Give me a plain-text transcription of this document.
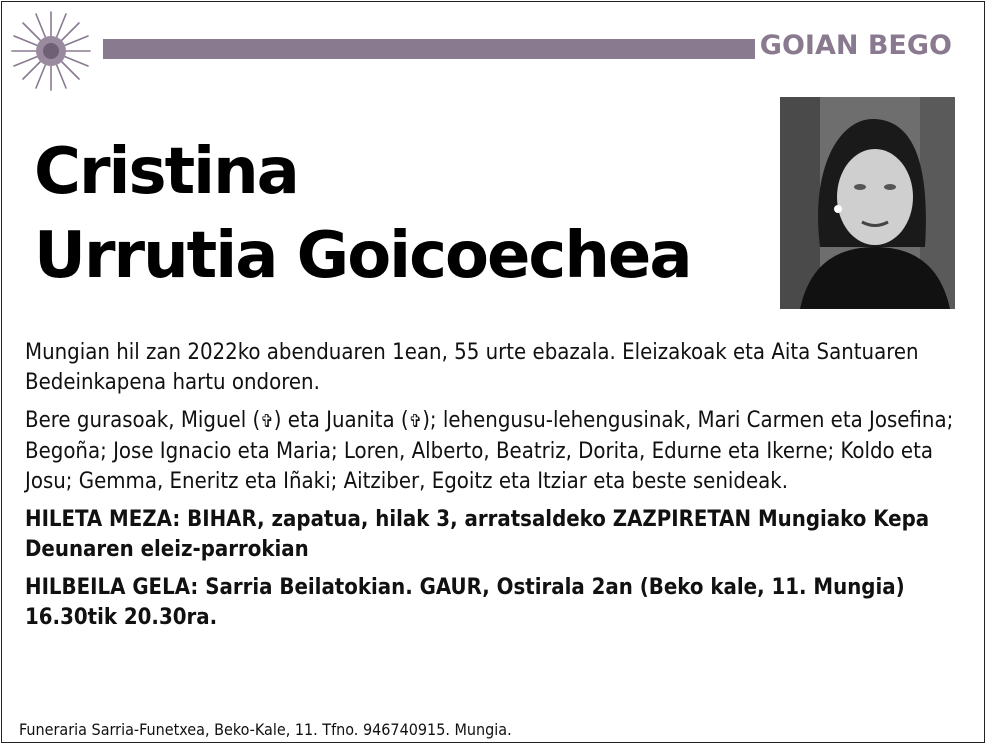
GOIAN BEGO
Cristina
Urrutia Goicoechea

Mungian hil zan 2022ko abenduaren 1ean, 55 urte ebazala. Eleizakoak eta Aita Santuaren Bedeinkapena hartu ondoren.

Bere gurasoak, Miguel (✞) eta Juanita (✞); lehengusu-lehengusinak, Mari Carmen eta Josefina; Begoña; Jose Ignacio eta Maria; Loren, Alberto, Beatriz, Dorita, Edurne eta Ikerne; Koldo eta Josu; Gemma, Eneritz eta Iñaki; Aitziber, Egoitz eta Itziar eta beste senideak.

HILETA MEZA: BIHAR, zapatua, hilak 3, arratsaldeko ZAZPIRETAN Mungiako Kepa Deunaren eleiz-parrokian

HILBEILA GELA: Sarria Beilatokian. GAUR, Ostirala 2an (Beko kale, 11. Mungia) 16.30tik 20.30ra.

Funeraria Sarria-Funetxea, Beko-Kale, 11. Tfno. 946740915. Mungia.
